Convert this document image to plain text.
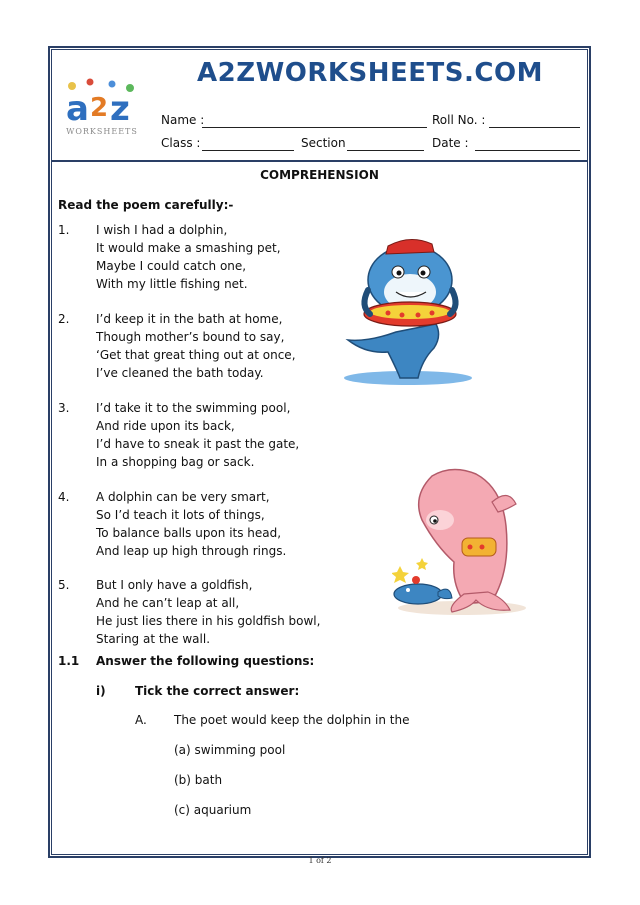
a 2 z
WORKSHEETS
A2ZWORKSHEETS.COM
Name :	Roll No. :
Class :	Section	Date :
COMPREHENSION
Read the poem carefully:-
1. I wish I had a dolphin,
It would make a smashing pet,
Maybe I could catch one,
With my little fishing net.
2. I’d keep it in the bath at home,
Though mother’s bound to say,
‘Get that great thing out at once,
I’ve cleaned the bath today.
3. I’d take it to the swimming pool,
And ride upon its back,
I’d have to sneak it past the gate,
In a shopping bag or sack.
4. A dolphin can be very smart,
So I’d teach it lots of things,
To balance balls upon its head,
And leap up high through rings.
5. But I only have a goldfish,
And he can’t leap at all,
He just lies there in his goldfish bowl,
Staring at the wall.
1.1 Answer the following questions:
i) Tick the correct answer:
A. The poet would keep the dolphin in the
(a) swimming pool
(b) bath
(c) aquarium
1 of 2
